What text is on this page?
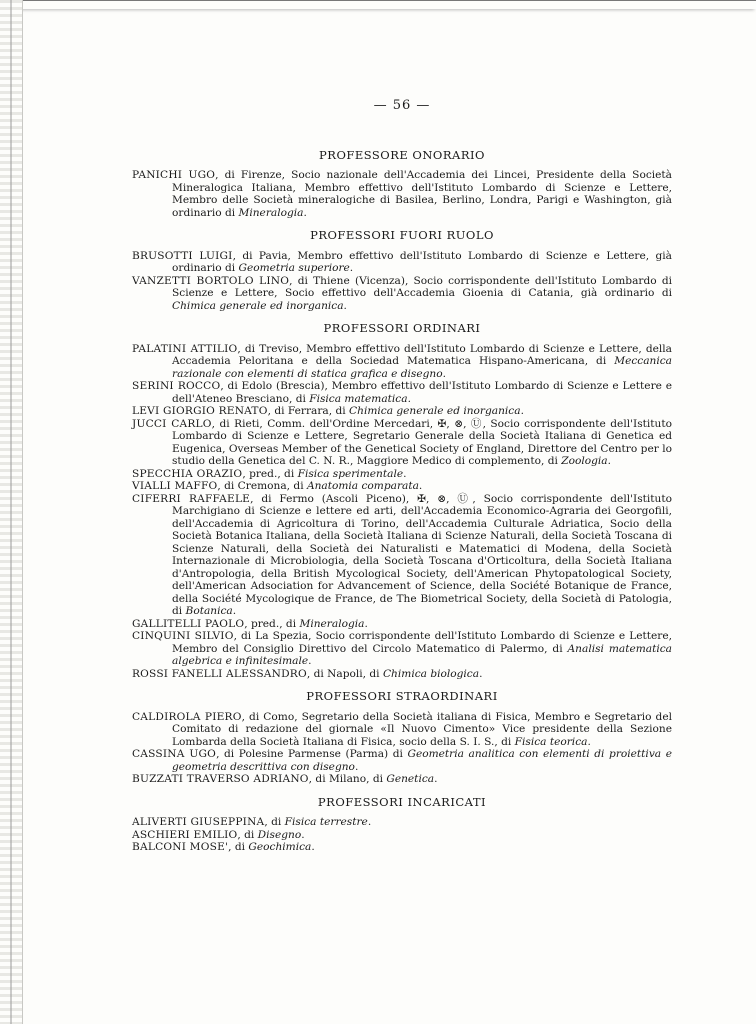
— 56 —
PROFESSORE ONORARIO

PANICHI UGO, di Firenze, Socio nazionale dell'Accademia dei Lincei, Presidente della Società Mineralogica Italiana, Membro effettivo dell'Istituto Lombardo di Scienze e Lettere, Membro delle Società mineralogiche di Basilea, Berlino, Londra, Parigi e Washington, già ordinario di Mineralogia.

PROFESSORI FUORI RUOLO

BRUSOTTI LUIGI, di Pavia, Membro effettivo dell'Istituto Lombardo di Scienze e Lettere, già ordinario di Geometria superiore.

VANZETTI BORTOLO LINO, di Thiene (Vicenza), Socio corrispondente dell'Istituto Lombardo di Scienze e Lettere, Socio effettivo dell'Accademia Gioenia di Catania, già ordinario di Chimica generale ed inorganica.

PROFESSORI ORDINARI

PALATINI ATTILIO, di Treviso, Membro effettivo dell'Istituto Lombardo di Scienze e Lettere, della Accademia Peloritana e della Sociedad Matematica Hispano-Americana, di Meccanica razionale con elementi di statica grafica e disegno.

SERINI ROCCO, di Edolo (Brescia), Membro effettivo dell'Istituto Lombardo di Scienze e Lettere e dell'Ateneo Bresciano, di Fisica matematica.

LEVI GIORGIO RENATO, di Ferrara, di Chimica generale ed inorganica.

JUCCI CARLO, di Rieti, Comm. dell'Ordine Mercedari, ✠, ⊗, Ⓤ, Socio corrispondente dell'Istituto Lombardo di Scienze e Lettere, Segretario Generale della Società Italiana di Genetica ed Eugenica, Overseas Member of the Genetical Society of England, Direttore del Centro per lo studio della Genetica del C. N. R., Maggiore Medico di complemento, di Zoologia.

SPECCHIA ORAZIO, pred., di Fisica sperimentale.

VIALLI MAFFO, di Cremona, di Anatomia comparata.

CIFERRI RAFFAELE, di Fermo (Ascoli Piceno), ✠, ⊗, Ⓤ, Socio corrispondente dell'Istituto Marchigiano di Scienze e lettere ed arti, dell'Accademia Economico-Agraria dei Georgofili, dell'Accademia di Agricoltura di Torino, dell'Accademia Culturale Adriatica, Socio della Società Botanica Italiana, della Società Italiana di Scienze Naturali, della Società Toscana di Scienze Naturali, della Società dei Naturalisti e Matematici di Modena, della Società Internazionale di Microbiologia, della Società Toscana d'Orticoltura, della Società Italiana d'Antropologia, della British Mycological Society, dell'American Phytopatological Society, dell'American Adsociation for Advancement of Science, della Société Botanique de France, della Société Mycologique de France, de The Biometrical Society, della Società di Patologia, di Botanica.

GALLITELLI PAOLO, pred., di Mineralogia.

CINQUINI SILVIO, di La Spezia, Socio corrispondente dell'Istituto Lombardo di Scienze e Lettere, Membro del Consiglio Direttivo del Circolo Matematico di Palermo, di Analisi matematica algebrica e infinitesimale.

ROSSI FANELLI ALESSANDRO, di Napoli, di Chimica biologica.

PROFESSORI STRAORDINARI

CALDIROLA PIERO, di Como, Segretario della Società italiana di Fisica, Membro e Segretario del Comitato di redazione del giornale «Il Nuovo Cimento» Vice presidente della Sezione Lombarda della Società Italiana di Fisica, socio della S. I. S., di Fisica teorica.

CASSINA UGO, di Polesine Parmense (Parma) di Geometria analitica con elementi di proiettiva e geometria descrittiva con disegno.

BUZZATI TRAVERSO ADRIANO, di Milano, di Genetica.

PROFESSORI INCARICATI

ALIVERTI GIUSEPPINA, di Fisica terrestre.

ASCHIERI EMILIO, di Disegno.

BALCONI MOSE', di Geochimica.
